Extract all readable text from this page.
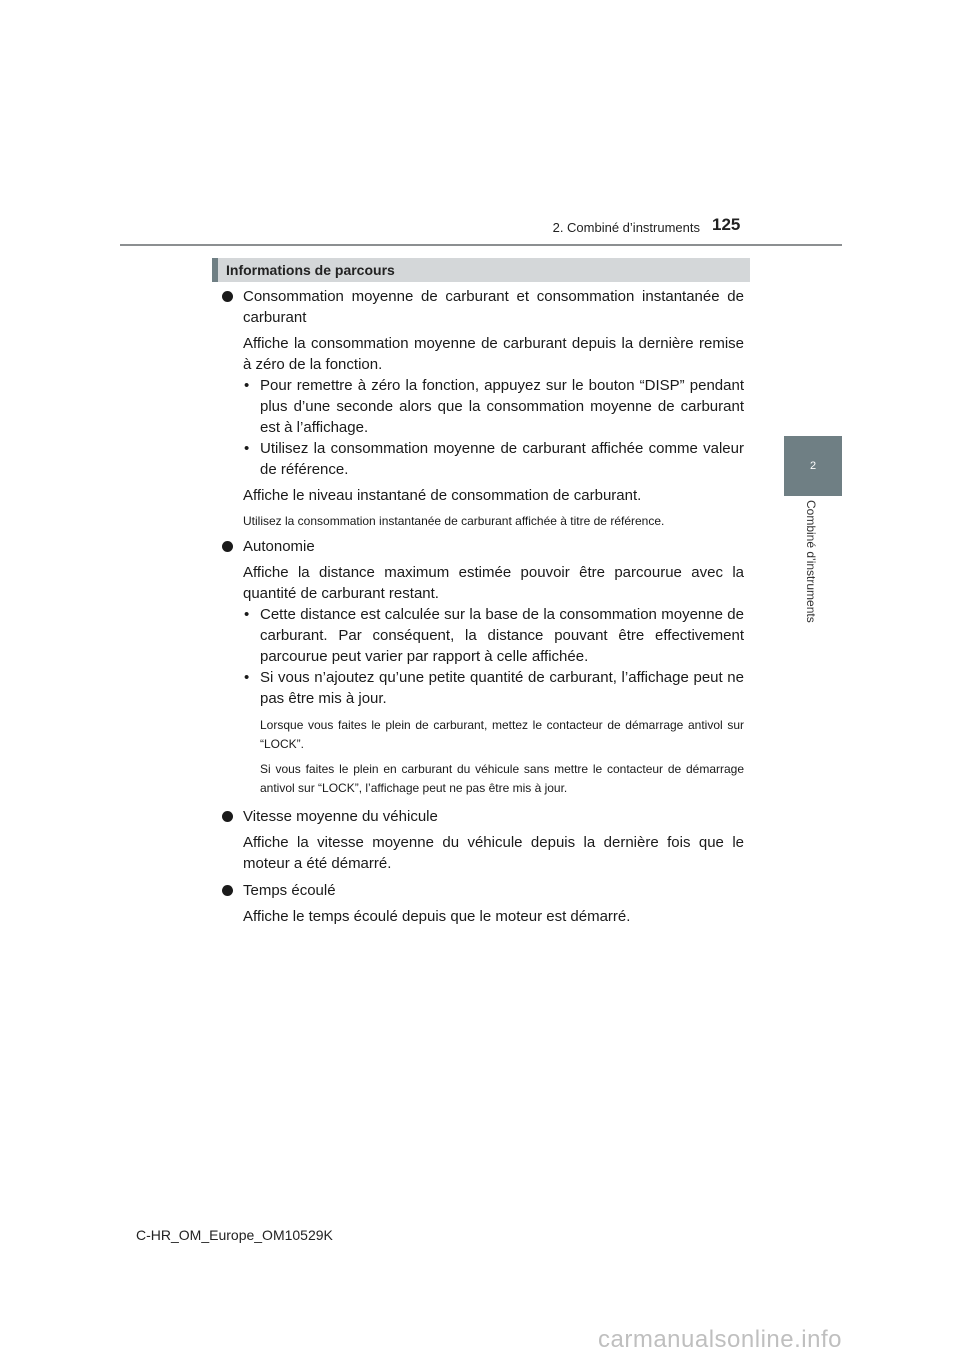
2. Combiné d’instruments 125
2
Combiné d’instruments
Informations de parcours
Consommation moyenne de carburant et consommation instantanée de carburant
Affiche la consommation moyenne de carburant depuis la dernière remise à zéro de la fonction.
• Pour remettre à zéro la fonction, appuyez sur le bouton “DISP” pendant plus d’une seconde alors que la consommation moyenne de carburant est à l’affichage.
• Utilisez la consommation moyenne de carburant affichée comme valeur de référence.
Affiche le niveau instantané de consommation de carburant.
Utilisez la consommation instantanée de carburant affichée à titre de référence.
Autonomie
Affiche la distance maximum estimée pouvoir être parcourue avec la quantité de carburant restant.
• Cette distance est calculée sur la base de la consommation moyenne de carburant. Par conséquent, la distance pouvant être effectivement parcourue peut varier par rapport à celle affichée.
• Si vous n’ajoutez qu’une petite quantité de carburant, l’affichage peut ne pas être mis à jour.
Lorsque vous faites le plein de carburant, mettez le contacteur de démarrage antivol sur “LOCK”.
Si vous faites le plein en carburant du véhicule sans mettre le contacteur de démarrage antivol sur “LOCK”, l’affichage peut ne pas être mis à jour.
Vitesse moyenne du véhicule
Affiche la vitesse moyenne du véhicule depuis la dernière fois que le moteur a été démarré.
Temps écoulé
Affiche le temps écoulé depuis que le moteur est démarré.
C-HR_OM_Europe_OM10529K
carmanualsonline.info
